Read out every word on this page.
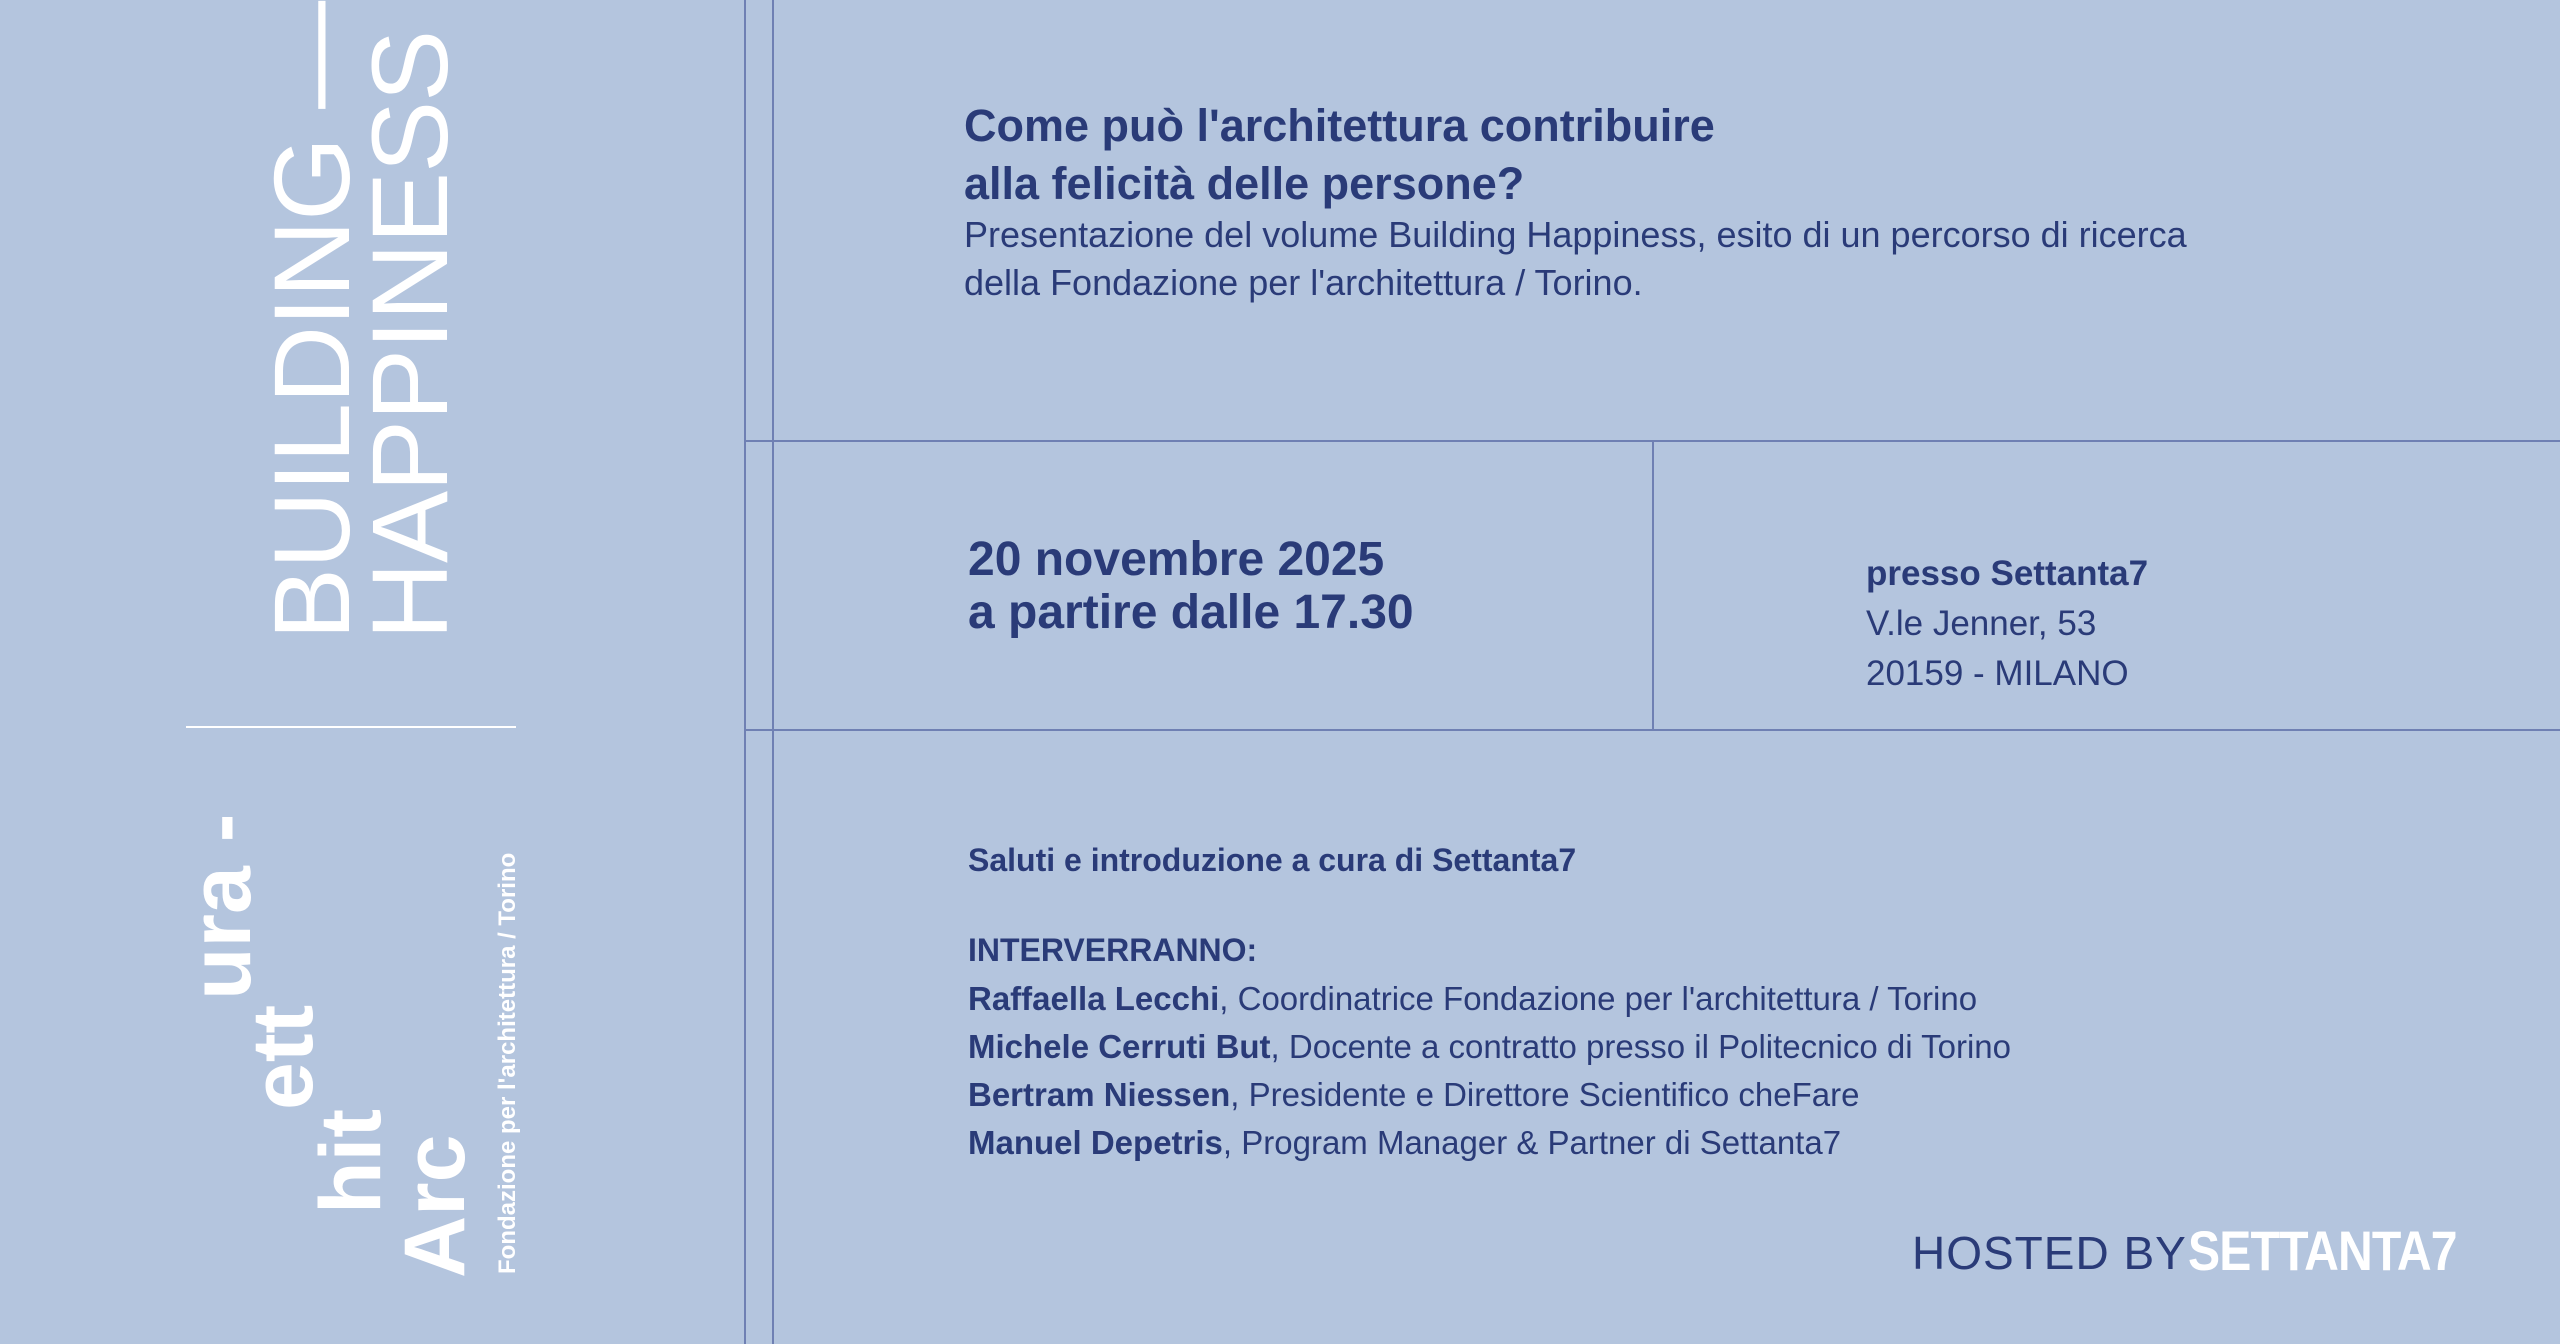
BUILDING —
HAPPINESS
Arc
hit
ett
ura -	Fondazione per l'architettura / Torino
Come può l'architettura contribuire
alla felicità delle persone?
Presentazione del volume Building Happiness, esito di un percorso di ricerca
della Fondazione per l'architettura / Torino.
20 novembre 2025
a partire dalle 17.30
presso Settanta7
V.le Jenner, 53
20159 - MILANO
Saluti e introduzione a cura di Settanta7
INTERVERRANNO:
Raffaella Lecchi, Coordinatrice Fondazione per l'architettura / Torino
Michele Cerruti But, Docente a contratto presso il Politecnico di Torino
Bertram Niessen, Presidente e Direttore Scientifico cheFare
Manuel Depetris, Program Manager & Partner di Settanta7
HOSTED BY SETTANTA7
